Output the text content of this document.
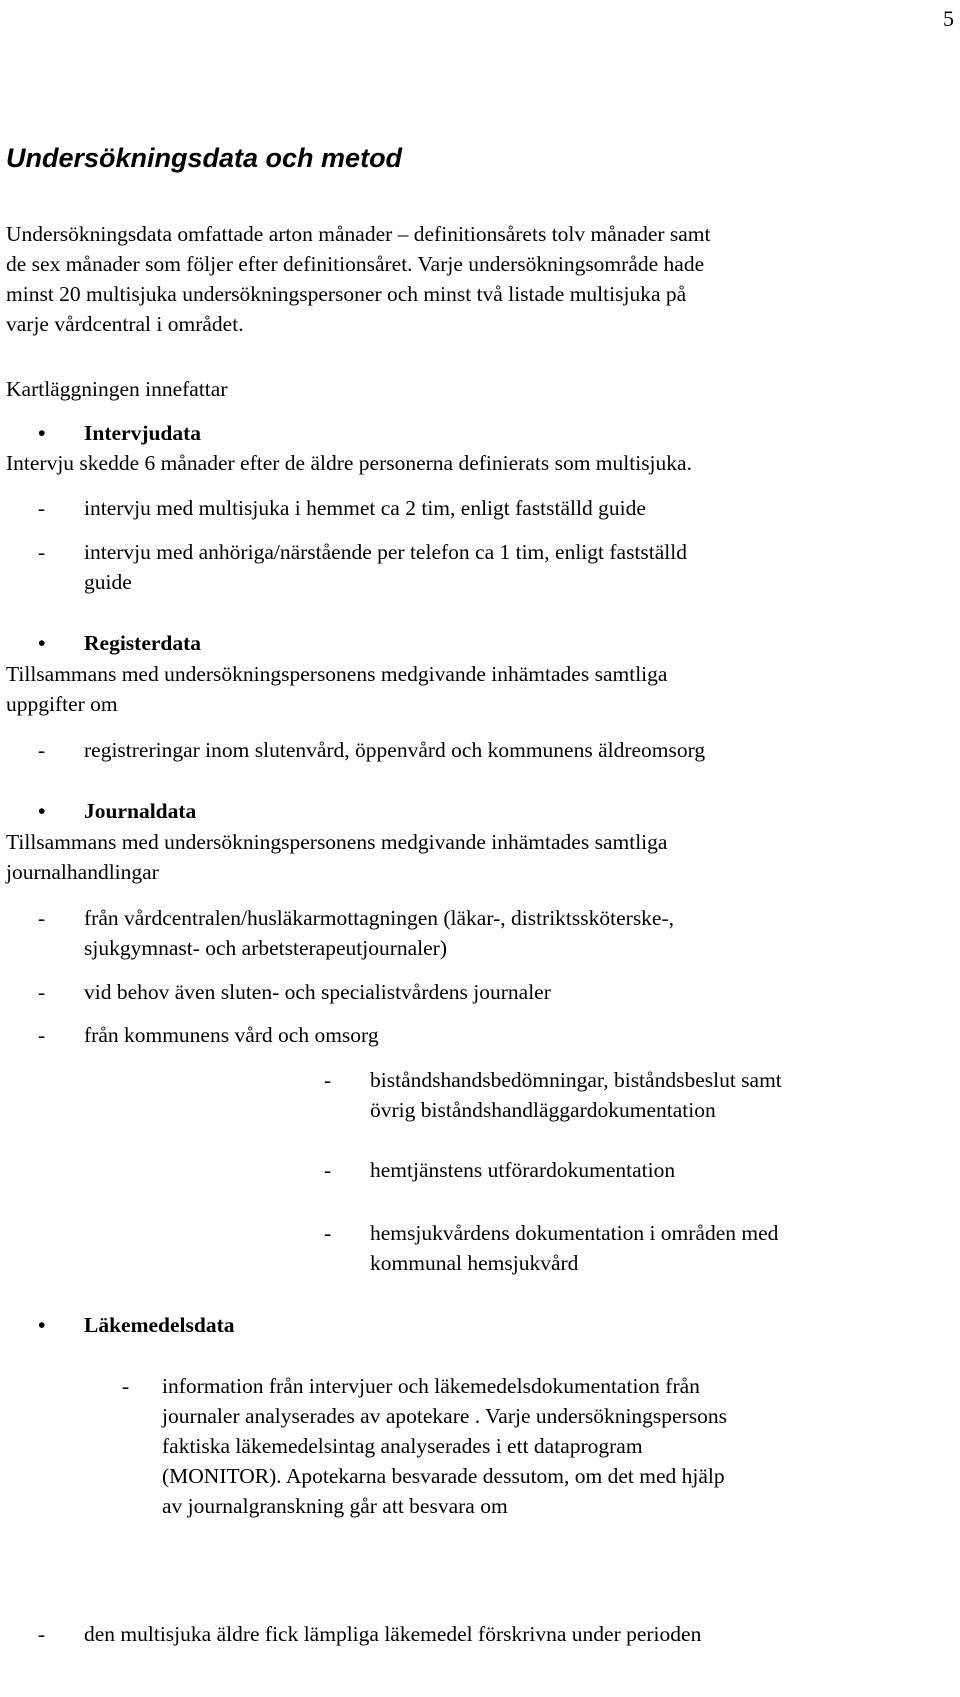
5
Undersökningsdata och metod

Undersökningsdata omfattade arton månader – definitionsårets tolv månader samt
de sex månader som följer efter definitionsåret. Varje undersökningsområde hade
minst 20 multisjuka undersökningspersoner och minst två listade multisjuka på
varje vårdcentral i området.

Kartläggningen innefattar

• Intervjudata

Intervju skedde 6 månader efter de äldre personerna definierats som multisjuka.

- intervju med multisjuka i hemmet ca 2 tim, enligt fastställd guide
- intervju med anhöriga/närstående per telefon ca 1 tim, enligt fastställd
guide
• Registerdata

Tillsammans med undersökningspersonens medgivande inhämtades samtliga
uppgifter om

- registreringar inom slutenvård, öppenvård och kommunens äldreomsorg
• Journaldata

Tillsammans med undersökningspersonens medgivande inhämtades samtliga
journalhandlingar

- från vårdcentralen/husläkarmottagningen (läkar-, distriktssköterske-,
sjukgymnast- och arbetsterapeutjournaler)
- vid behov även sluten- och specialistvårdens journaler
- från kommunens vård och omsorg
- biståndshandsbedömningar, biståndsbeslut samt
övrig biståndshandläggardokumentation
- hemtjänstens utförardokumentation
- hemsjukvårdens dokumentation i områden med
kommunal hemsjukvård
• Läkemedelsdata
- information från intervjuer och läkemedelsdokumentation från
journaler analyserades av apotekare . Varje undersökningspersons
faktiska läkemedelsintag analyserades i ett dataprogram
(MONITOR). Apotekarna besvarade dessutom, om det med hjälp
av journalgranskning går att besvara om
- den multisjuka äldre fick lämpliga läkemedel förskrivna under perioden
